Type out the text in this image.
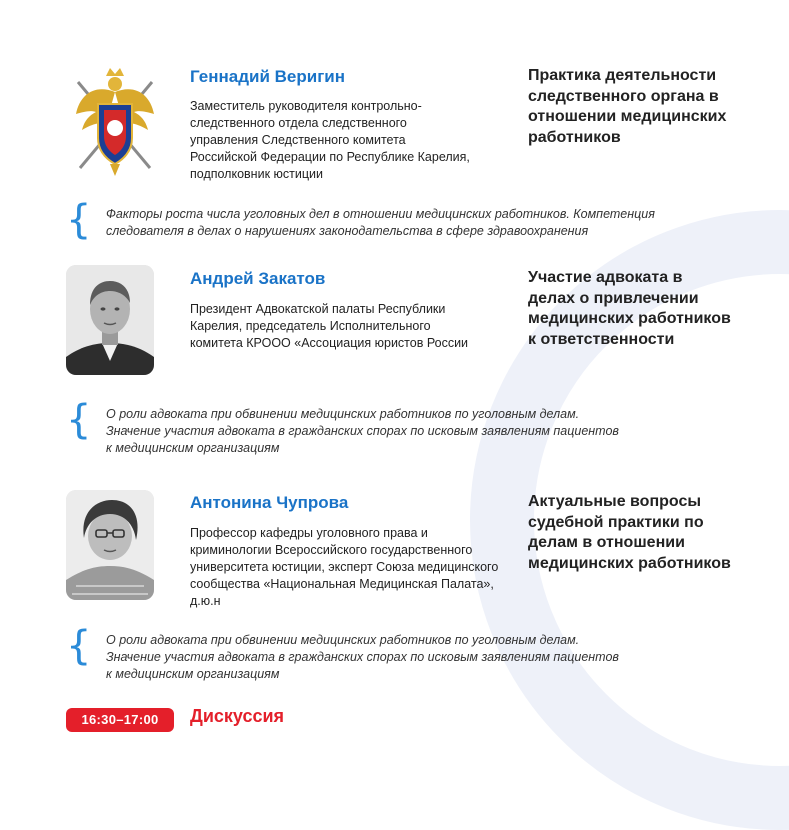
Геннадий Веригин
Заместитель руководителя контрольно-следственного отдела следственного управления Следственного комитета Российской Федерации по Республике Карелия, подполковник юстиции
Практика деятельности следственного органа в отношении медицинских работников
{ Факторы роста числа уголовных дел в отношении медицинских работников. Компетенция
следователя в делах о нарушениях законодательства в сфере здравоохранения
Андрей Закатов
Президент Адвокатской палаты Республики Карелия, председатель Исполнительного комитета КРООО «Ассоциация юристов России
Участие адвоката в делах о привлечении медицинских работников к ответственности
{ О роли адвоката при обвинении медицинских работников по уголовным делам.
Значение участия адвоката в гражданских спорах по исковым заявлениям пациентов
к медицинским организациям
Антонина Чупрова
Профессор кафедры уголовного права и криминологии Всероссийского государственного университета юстиции, эксперт Союза медицинского сообщества «Национальная Медицинская Палата», д.ю.н
Актуальные вопросы судебной практики по делам в отношении медицинских работников
{ О роли адвоката при обвинении медицинских работников по уголовным делам.
Значение участия адвоката в гражданских спорах по исковым заявлениям пациентов
к медицинским организациям
16:30–17:00	Дискуссия
